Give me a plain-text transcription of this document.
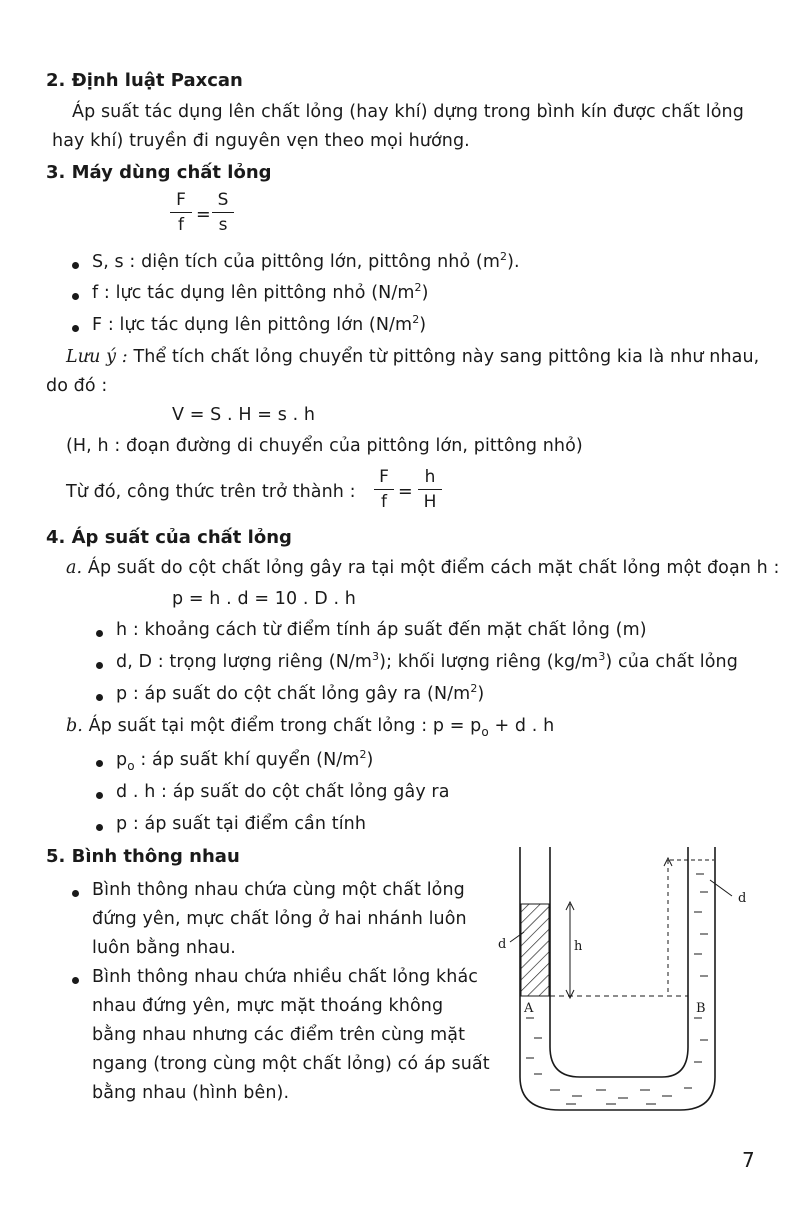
2. Định luật Paxcan
Áp suất tác dụng lên chất lỏng (hay khí) dựng trong bình kín được chất lỏng
hay khí) truyền đi nguyên vẹn theo mọi hướng.
3. Máy dùng chất lỏng
F
f =
S
s
S, s : diện tích của pittông lớn, pittông nhỏ $(m^2)$.
f : lực tác dụng lên pittông nhỏ $(N/m^2)$
F : lực tác dụng lên pittông lớn $(N/m^2)$
Lưu ý : Thể tích chất lỏng chuyển từ pittông này sang pittông kia là như nhau,
do đó :
V = S . H = s . h
(H, h : đoạn đường di chuyển của pittông lớn, pittông nhỏ)
Từ đó, công thức trên trở thành :
F
f =
h
H
4. Áp suất của chất lỏng
a. Áp suất do cột chất lỏng gây ra tại một điểm cách mặt chất lỏng một đoạn h :
p = h . d = 10 . D . h
h : khoảng cách từ điểm tính áp suất đến mặt chất lỏng (m)
d, D : trọng lượng riêng $(N/m^3)$; khối lượng riêng $(kg/m^3)$ của chất lỏng
p : áp suất do cột chất lỏng gây ra $(N/m^2)$
b. Áp suất tại một điểm trong chất lỏng : $p = p_o + d$ . h
$p_o$ : áp suất khí quyển $(N/m^2)$
d . h : áp suất do cột chất lỏng gây ra
p : áp suất tại điểm cần tính
5. Bình thông nhau
Bình thông nhau chứa cùng một chất lỏng
đứng yên, mực chất lỏng ở hai nhánh luôn
luôn bằng nhau.
Bình thông nhau chứa nhiều chất lỏng khác
nhau đứng yên, mực mặt thoáng không
bằng nhau nhưng các điểm trên cùng mặt
ngang (trong cùng một chất lỏng) có áp suất
bằng nhau (hình bên).
d
d
h
A	B
7
